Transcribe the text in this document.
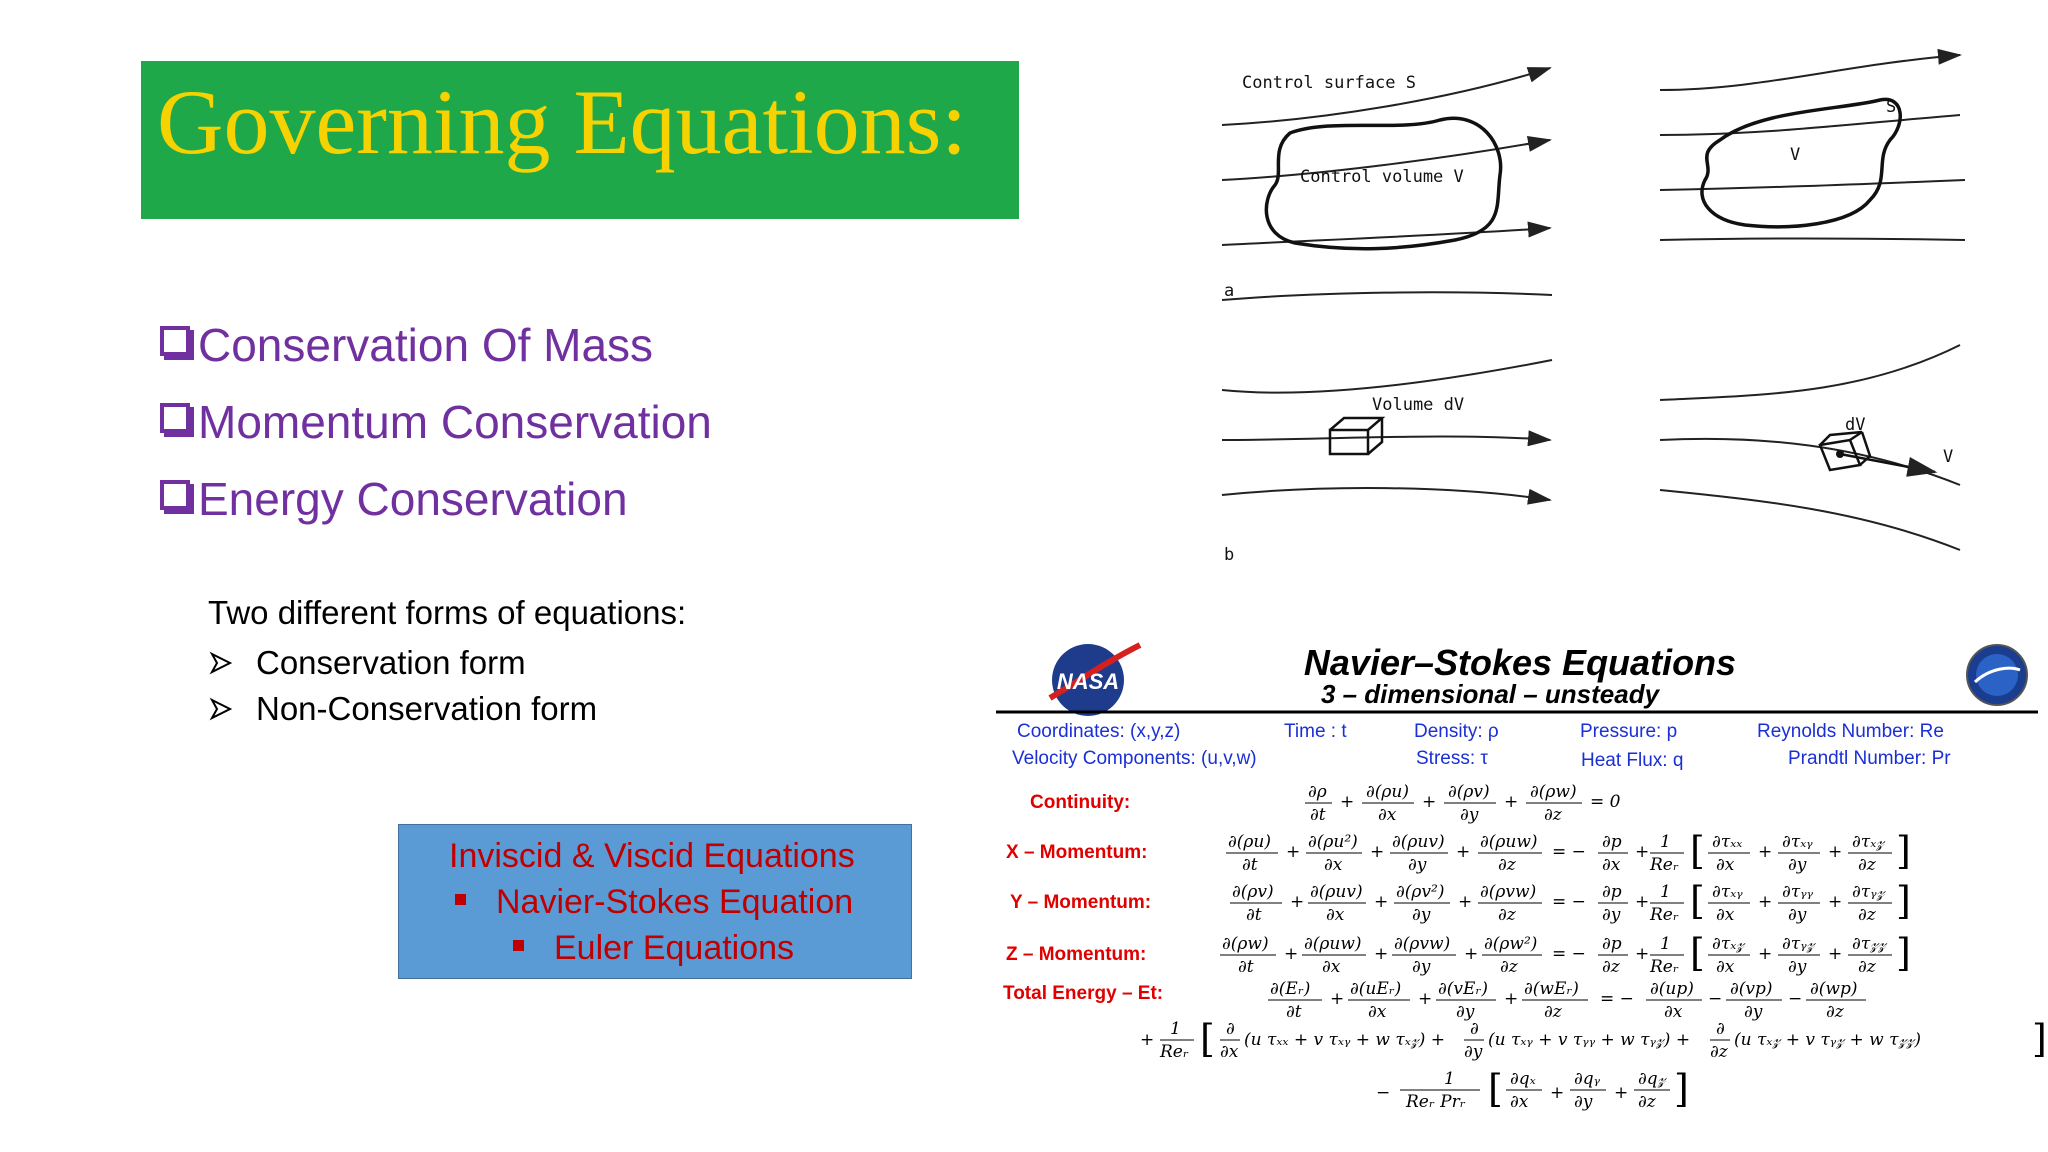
Governing Equations:
Conservation Of Mass
Momentum Conservation
Energy Conservation
Two different forms of equations:
Conservation form
Non-Conservation form
Inviscid & Viscid Equations
Navier-Stokes Equation
Euler Equations
Control surface S
Control volume V
S
V
a
Volume dV
dV
V
b
NASA	Navier–Stokes Equations
3 – dimensional – unsteady
Coordinates: (x,y,z)	Time : t	Density: ρ	Pressure: p	Reynolds Number: Re
Velocity Components: (u,v,w)	Stress: τ	Heat Flux: q	Prandtl Number: Pr
Continuity:
X – Momentum:
Y – Momentum:
Z – Momentum:
Total Energy – Et:
∂ρ
∂t
+ ∂(ρu)
∂x
+ ∂(ρv)
∂y
+ ∂(ρw)
∂z
= 0
∂(ρu)
∂t
+ ∂(ρu²)
∂x
+ ∂(ρuv)
∂y
+ ∂(ρuw)
∂z
= − ∂p
∂x
+ 1
Reᵣ [ ∂τₓₓ
∂x
+ ∂τₓᵧ
∂y
+ ∂τₓ𝓏
∂z ]
∂(ρv)
∂t
+ ∂(ρuv)
∂x
+ ∂(ρv²)
∂y
+ ∂(ρvw)
∂z
= − ∂p
∂y
+ 1
Reᵣ [ ∂τₓᵧ
∂x
+ ∂τᵧᵧ
∂y
+ ∂τᵧ𝓏
∂z ]
∂(ρw)
∂t
+ ∂(ρuw)
∂x
+ ∂(ρvw)
∂y
+ ∂(ρw²)
∂z
= − ∂p
∂z
+ 1
Reᵣ [ ∂τₓ𝓏
∂x
+ ∂τᵧ𝓏
∂y
+ ∂τ𝓏𝓏
∂z ]
∂(Eᵣ)
∂t
+ ∂(uEᵣ)
∂x
+ ∂(vEᵣ)
∂y
+ ∂(wEᵣ)
∂z
= − ∂(up)
∂x
− ∂(vp)
∂y
− ∂(wp)
∂z
+
1
Reᵣ [ ∂
∂x
(u τₓₓ + v τₓᵧ + w τₓ𝓏) +
∂
∂y
(u τₓᵧ + v τᵧᵧ + w τᵧ𝓏) +
∂
∂z
(u τₓ𝓏 + v τᵧ𝓏 + w τ𝓏𝓏)	]
−
1
Reᵣ Prᵣ [ ∂qₓ
∂x +
∂qᵧ
∂y +
∂q𝓏
∂z ]
